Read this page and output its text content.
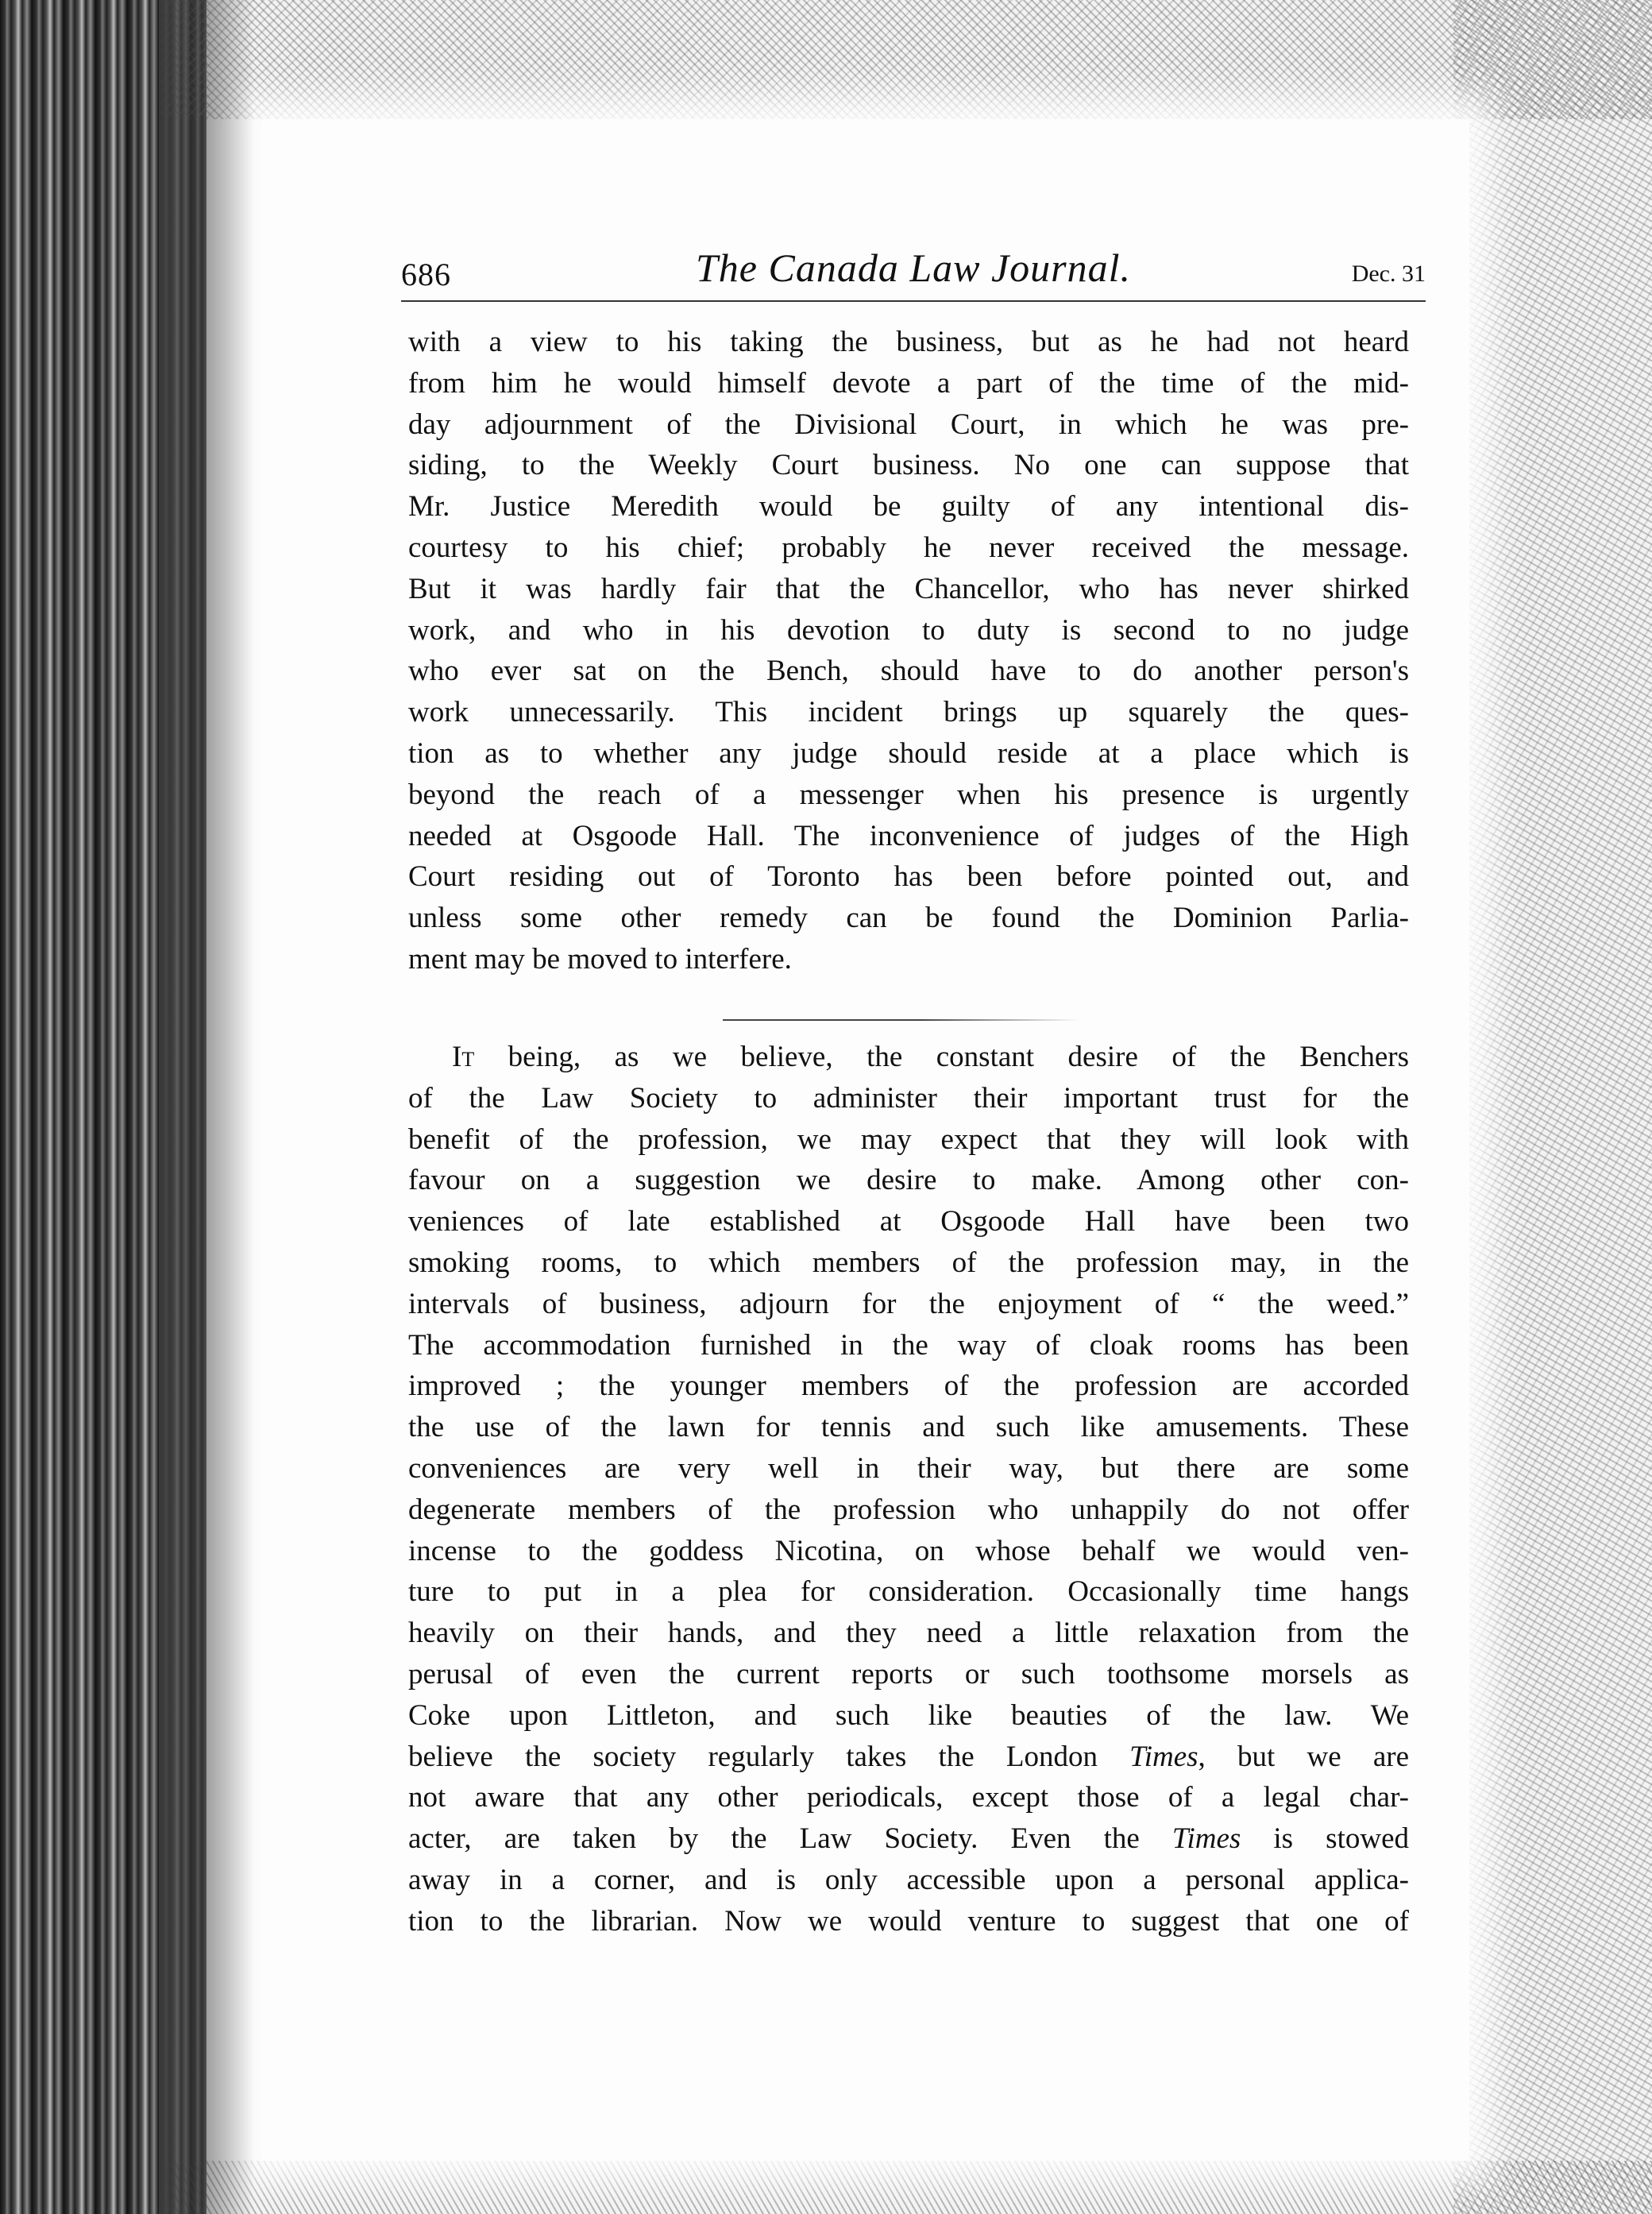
686	The Canada Law Journal.	Dec. 31
with a view to his taking the business, but as he had not heard
from him he would himself devote a part of the time of the mid-
day adjournment of the Divisional Court, in which he was pre-
siding, to the Weekly Court business. No one can suppose that
Mr. Justice Meredith would be guilty of any intentional dis-
courtesy to his chief; probably he never received the message.
But it was hardly fair that the Chancellor, who has never shirked
work, and who in his devotion to duty is second to no judge
who ever sat on the Bench, should have to do another person's
work unnecessarily. This incident brings up squarely the ques-
tion as to whether any judge should reside at a place which is
beyond the reach of a messenger when his presence is urgently
needed at Osgoode Hall. The inconvenience of judges of the High
Court residing out of Toronto has been before pointed out, and
unless some other remedy can be found the Dominion Parlia-
ment may be moved to interfere.
It being, as we believe, the constant desire of the Benchers
of the Law Society to administer their important trust for the
benefit of the profession, we may expect that they will look with
favour on a suggestion we desire to make. Among other con-
veniences of late established at Osgoode Hall have been two
smoking rooms, to which members of the profession may, in the
intervals of business, adjourn for the enjoyment of “ the weed.”
The accommodation furnished in the way of cloak rooms has been
improved ; the younger members of the profession are accorded
the use of the lawn for tennis and such like amusements. These
conveniences are very well in their way, but there are some
degenerate members of the profession who unhappily do not offer
incense to the goddess Nicotina, on whose behalf we would ven-
ture to put in a plea for consideration. Occasionally time hangs
heavily on their hands, and they need a little relaxation from the
perusal of even the current reports or such toothsome morsels as
Coke upon Littleton, and such like beauties of the law. We
believe the society regularly takes the London Times, but we are
not aware that any other periodicals, except those of a legal char-
acter, are taken by the Law Society. Even the Times is stowed
away in a corner, and is only accessible upon a personal applica-
tion to the librarian. Now we would venture to suggest that one of
